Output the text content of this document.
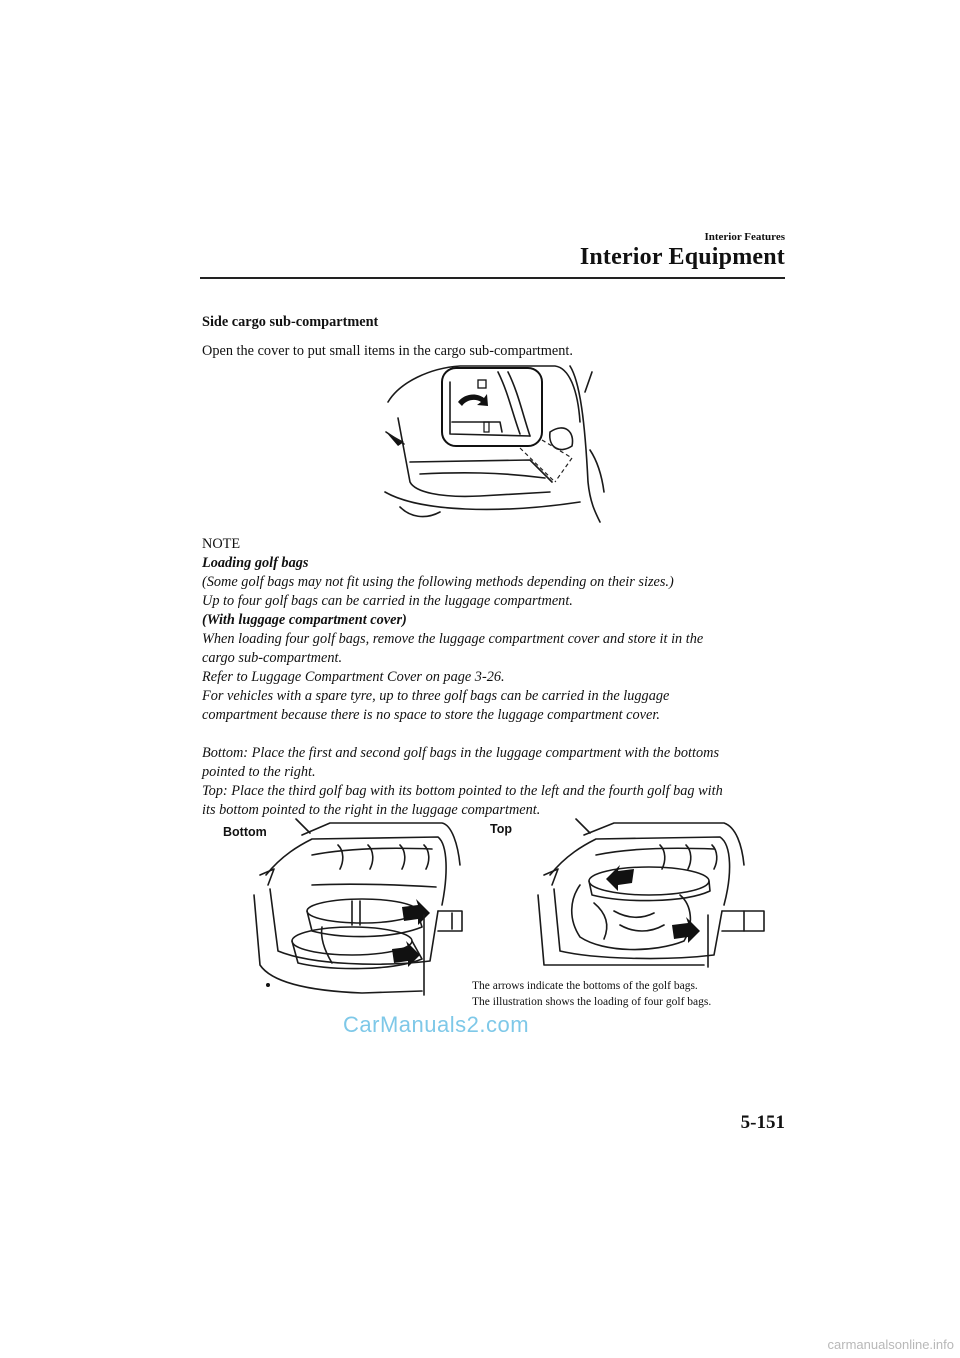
Interior Features
Interior Equipment
Side cargo sub-compartment
Open the cover to put small items in the cargo sub-compartment.
NOTE

Loading golf bags

(Some golf bags may not fit using the following methods depending on their sizes.)

Up to four golf bags can be carried in the luggage compartment.

(With luggage compartment cover)

When loading four golf bags, remove the luggage compartment cover and store it in the

cargo sub-compartment.

Refer to Luggage Compartment Cover on page 3-26.

For vehicles with a spare tyre, up to three golf bags can be carried in the luggage

compartment because there is no space to store the luggage compartment cover.

Bottom: Place the first and second golf bags in the luggage compartment with the bottoms

pointed to the right.

Top: Place the third golf bag with its bottom pointed to the left and the fourth golf bag with

its bottom pointed to the right in the luggage compartment.

Bottom	Top
The arrows indicate the bottoms of the golf bags.
The illustration shows the loading of four golf bags.
CarManuals2.com
5-151
carmanualsonline.info
